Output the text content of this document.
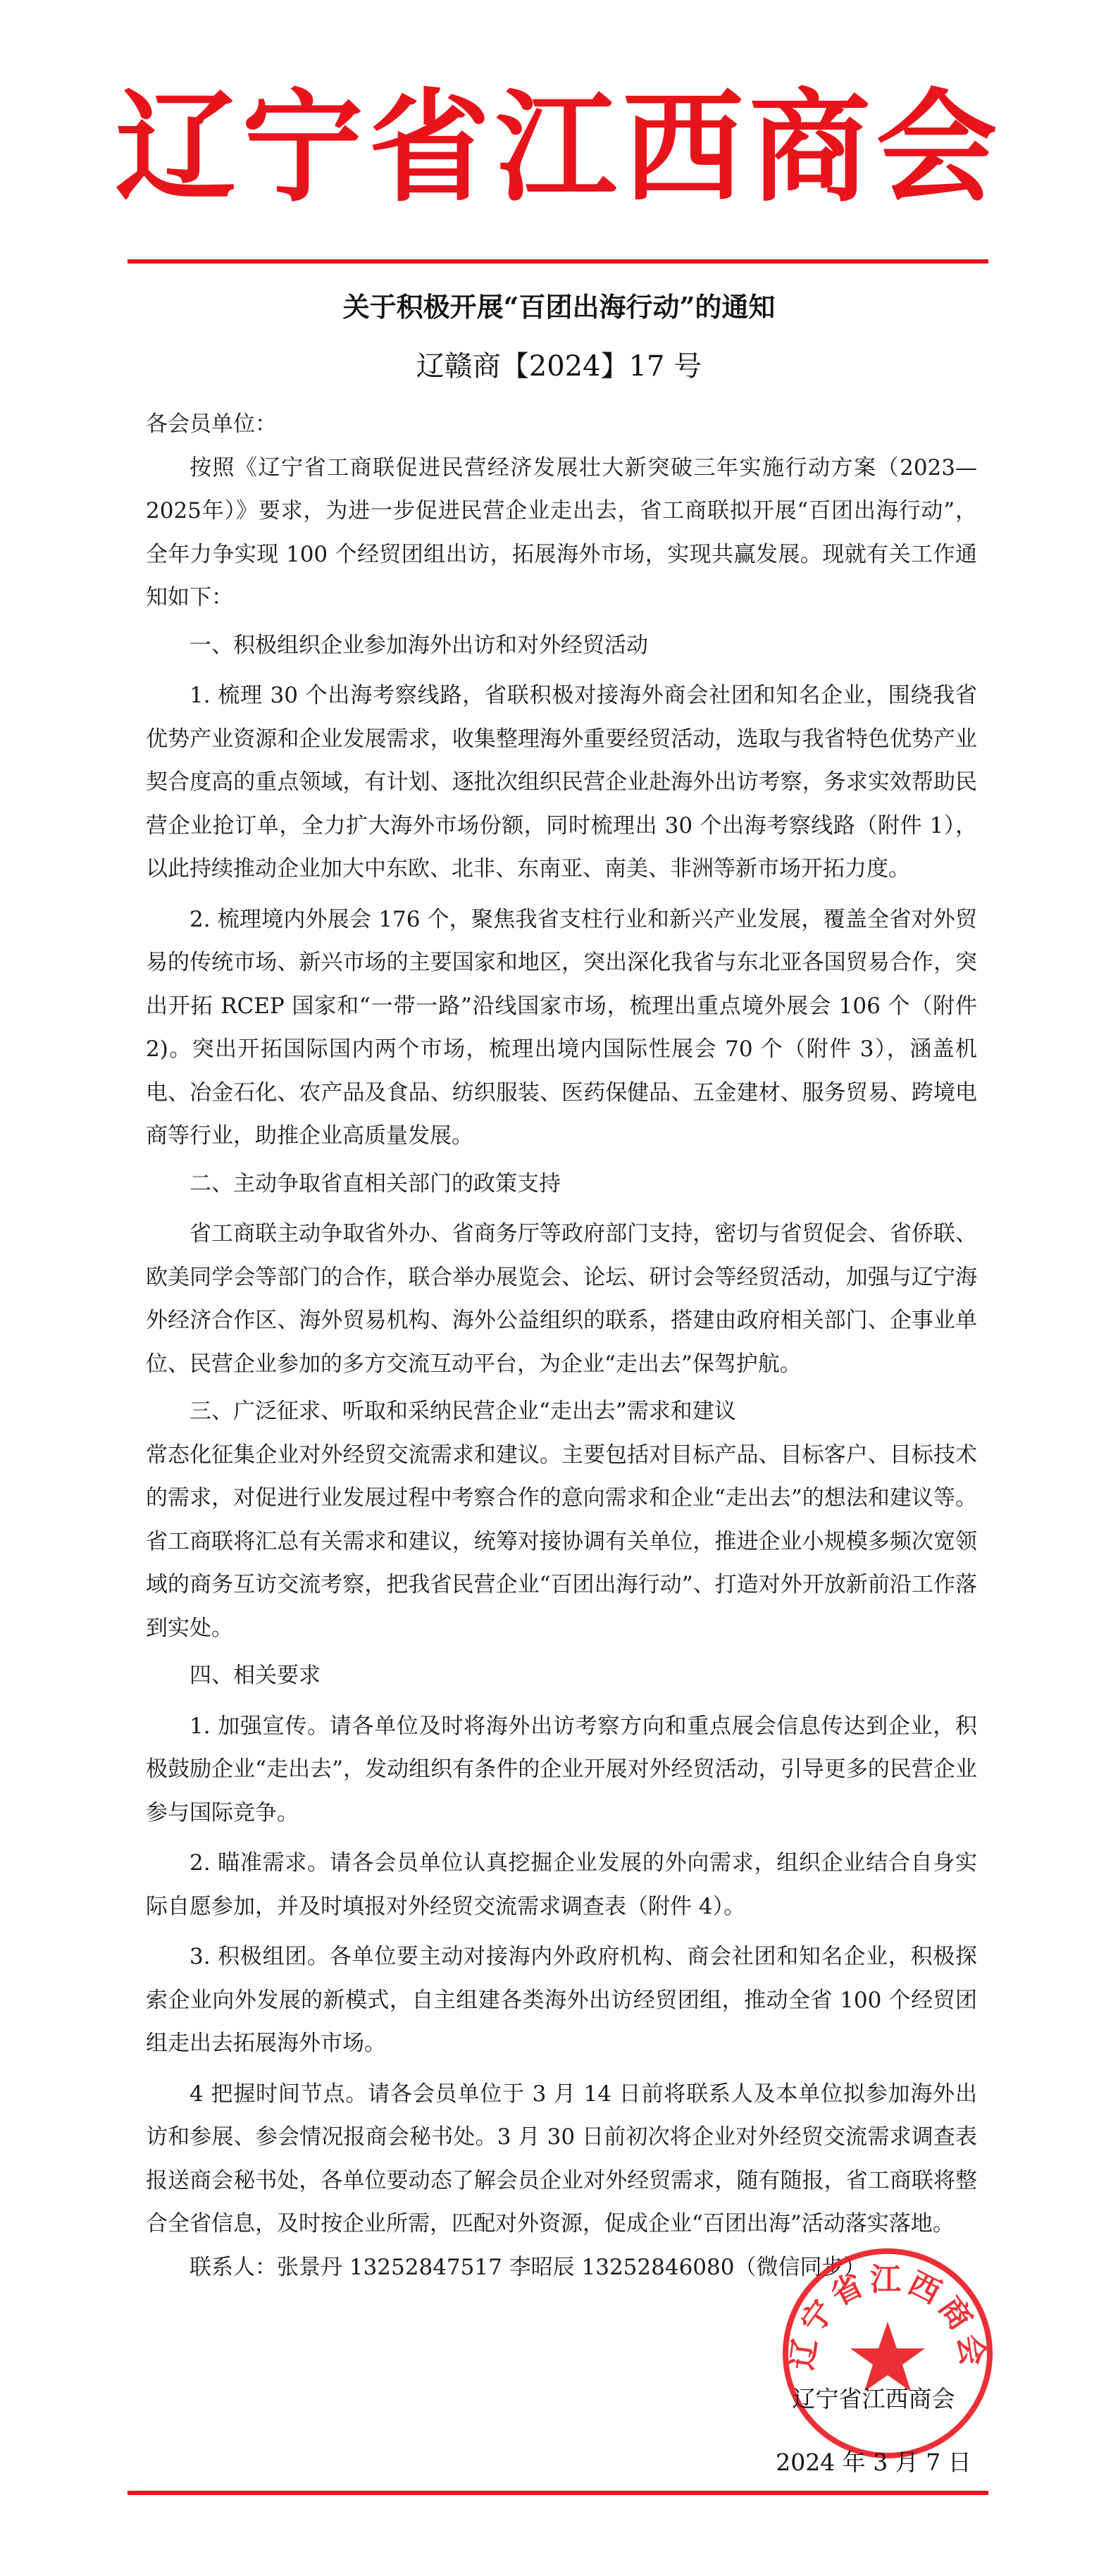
辽宁省江西商会
关于积极开展“百团出海行动”的通知
辽赣商【2024】17 号

各会员单位：

按照《辽宁省工商联促进民营经济发展壮大新突破三年实施行动方案（2023—2025年）》要求，为进一步促进民营企业走出去，省工商联拟开展“百团出海行动”，全年力争实现 100 个经贸团组出访，拓展海外市场，实现共赢发展。现就有关工作通知如下：

一、积极组织企业参加海外出访和对外经贸活动

1. 梳理 30 个出海考察线路，省联积极对接海外商会社团和知名企业，围绕我省优势产业资源和企业发展需求，收集整理海外重要经贸活动，选取与我省特色优势产业契合度高的重点领域，有计划、逐批次组织民营企业赴海外出访考察，务求实效帮助民营企业抢订单，全力扩大海外市场份额，同时梳理出 30 个出海考察线路（附件 1），以此持续推动企业加大中东欧、北非、东南亚、南美、非洲等新市场开拓力度。

2. 梳理境内外展会 176 个，聚焦我省支柱行业和新兴产业发展，覆盖全省对外贸易的传统市场、新兴市场的主要国家和地区，突出深化我省与东北亚各国贸易合作，突出开拓 RCEP 国家和“一带一路”沿线国家市场，梳理出重点境外展会 106 个（附件 2)。突出开拓国际国内两个市场，梳理出境内国际性展会 70 个（附件 3），涵盖机电、冶金石化、农产品及食品、纺织服装、医药保健品、五金建材、服务贸易、跨境电商等行业，助推企业高质量发展。

二、主动争取省直相关部门的政策支持

省工商联主动争取省外办、省商务厅等政府部门支持，密切与省贸促会、省侨联、欧美同学会等部门的合作，联合举办展览会、论坛、研讨会等经贸活动，加强与辽宁海外经济合作区、海外贸易机构、海外公益组织的联系，搭建由政府相关部门、企事业单位、民营企业参加的多方交流互动平台，为企业“走出去”保驾护航。

三、广泛征求、听取和采纳民营企业“走出去”需求和建议

常态化征集企业对外经贸交流需求和建议。主要包括对目标产品、目标客户、目标技术的需求，对促进行业发展过程中考察合作的意向需求和企业“走出去”的想法和建议等。省工商联将汇总有关需求和建议，统筹对接协调有关单位，推进企业小规模多频次宽领域的商务互访交流考察，把我省民营企业“百团出海行动”、打造对外开放新前沿工作落到实处。

四、相关要求

1. 加强宣传。请各单位及时将海外出访考察方向和重点展会信息传达到企业，积极鼓励企业“走出去”，发动组织有条件的企业开展对外经贸活动，引导更多的民营企业参与国际竞争。

2. 瞄准需求。请各会员单位认真挖掘企业发展的外向需求，组织企业结合自身实际自愿参加，并及时填报对外经贸交流需求调查表（附件 4）。

3. 积极组团。各单位要主动对接海内外政府机构、商会社团和知名企业，积极探索企业向外发展的新模式，自主组建各类海外出访经贸团组，推动全省 100 个经贸团组走出去拓展海外市场。

4 把握时间节点。请各会员单位于 3 月 14 日前将联系人及本单位拟参加海外出访和参展、参会情况报商会秘书处。3 月 30 日前初次将企业对外经贸交流需求调查表报送商会秘书处，各单位要动态了解会员企业对外经贸需求，随有随报，省工商联将整合全省信息，及时按企业所需，匹配对外资源，促成企业“百团出海”活动落实落地。

联系人：张景丹 13252847517 李昭辰 13252846080（微信同步）

辽宁省江西商会
辽宁省江西商会
2024 年 3 月 7 日
